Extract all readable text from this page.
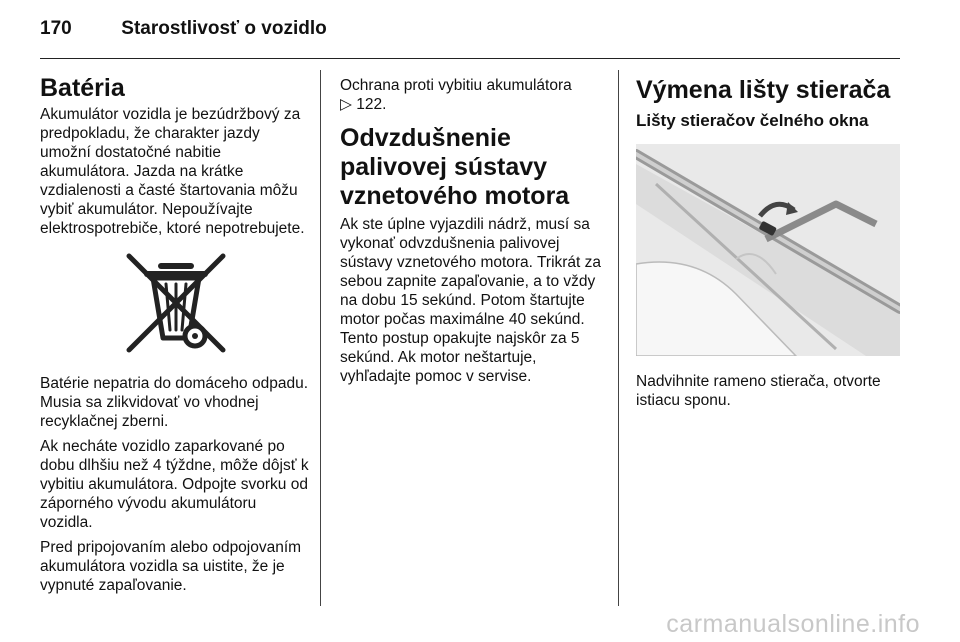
170	Starostlivosť o vozidlo
Batéria

Akumulátor vozidla je bezúdržbový za predpokladu, že charakter jazdy umožní dostatočné nabitie akumulátora. Jazda na krátke vzdialenosti a časté štartovania môžu vybiť akumulátor. Nepoužívajte elektrospotrebiče, ktoré nepotrebujete.

Batérie nepatria do domáceho odpadu. Musia sa zlikvidovať vo vhodnej recyklačnej zberni.

Ak necháte vozidlo zaparkované po dobu dlhšiu než 4 týždne, môže dôjsť k vybitiu akumulátora. Odpojte svorku od záporného vývodu akumulátoru vozidla.

Pred pripojovaním alebo odpojovaním akumulátora vozidla sa uistite, že je vypnuté zapaľovanie.

Ochrana proti vybitiu akumulátora
▷ 122.
Odvzdušnenie palivovej sústavy vznetového motora

Ak ste úplne vyjazdili nádrž, musí sa vykonať odvzdušnenia palivovej sústavy vznetového motora. Trikrát za sebou zapnite zapaľovanie, a to vždy na dobu 15 sekúnd. Potom štartujte motor počas maximálne 40 sekúnd. Tento postup opakujte najskôr za 5 sekúnd. Ak motor neštartuje, vyhľadajte pomoc v servise.

Výmena lišty stierača
Lišty stieračov čelného okna

Nadvihnite rameno stierača, otvorte istiacu sponu.

carmanualsonline.info
